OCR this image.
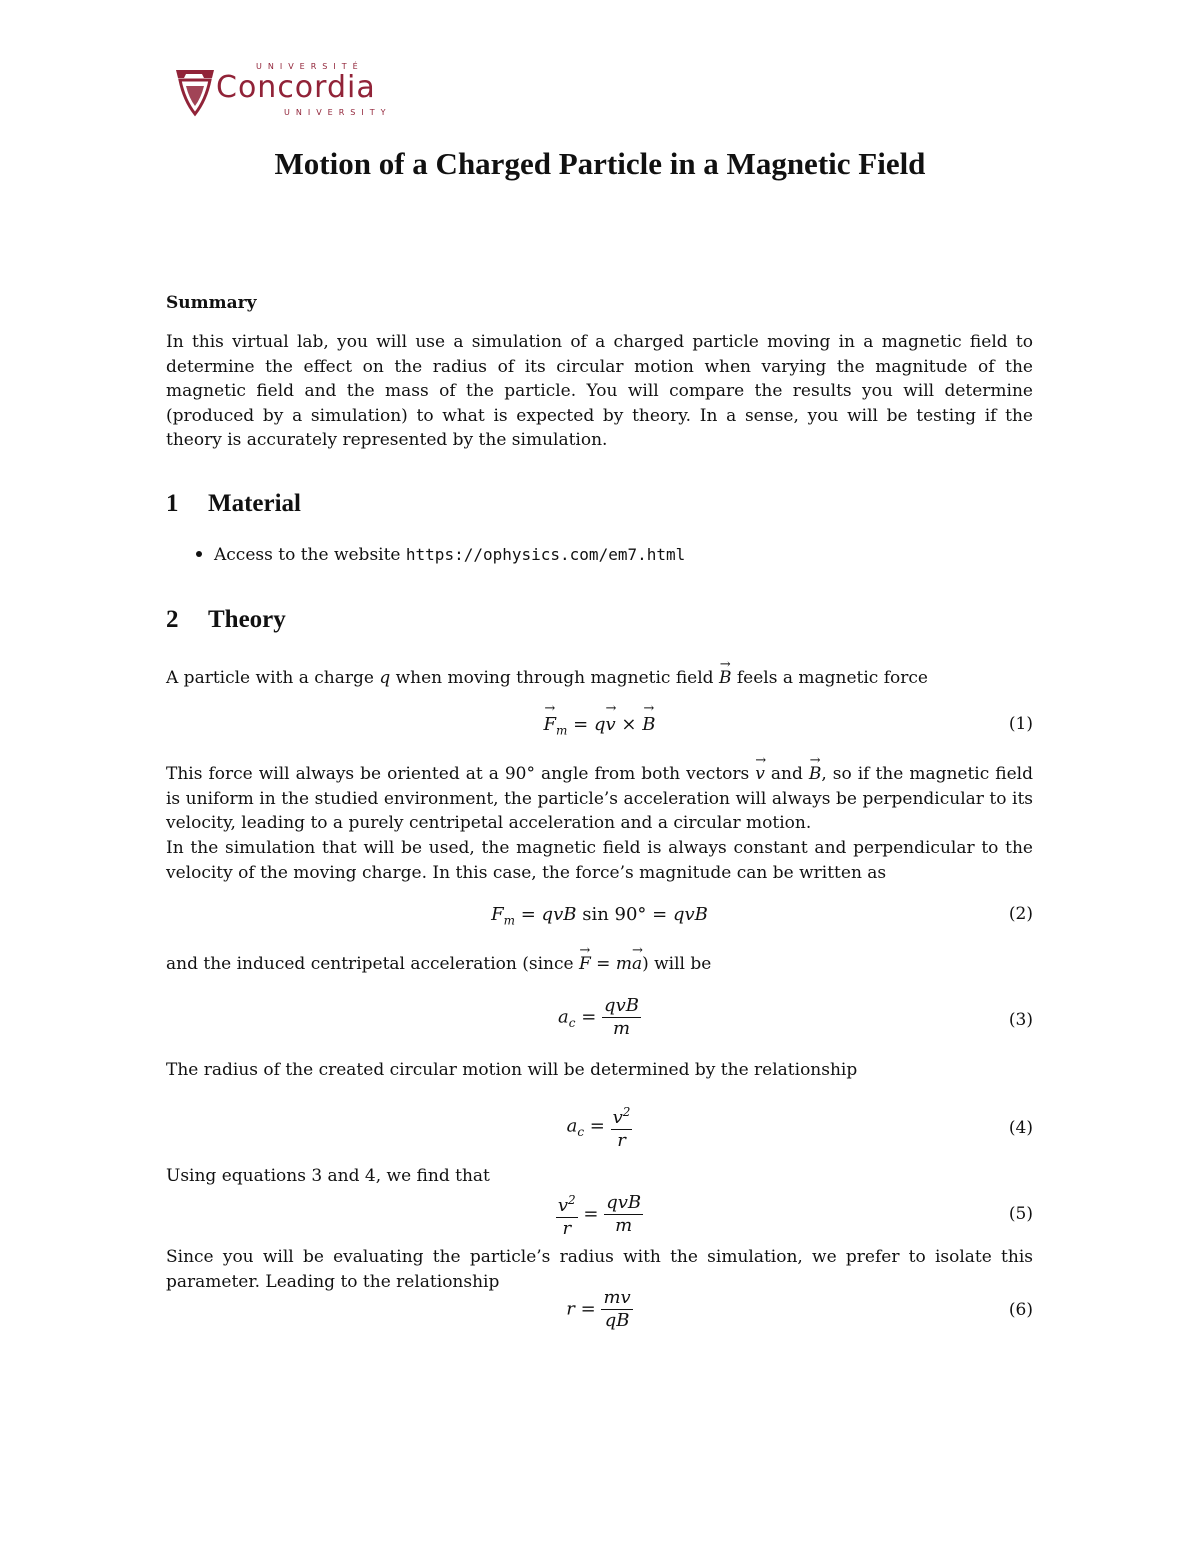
UNIVERSITÉ
Concordia
UNIVERSITY
Motion of a Charged Particle in a Magnetic Field
Summary

In this virtual lab, you will use a simulation of a charged particle moving in a magnetic field to determine the effect on the radius of its circular motion when varying the magnitude of the magnetic field and the mass of the particle. You will compare the results you will determine (produced by a simulation) to what is expected by theory. In a sense, you will be testing if the theory is accurately represented by the simulation.

1 Material
Access to the website https://ophysics.com/em7.html
2 Theory

A particle with a charge q when moving through magnetic field → B feels a magnetic force

→ $F_m = q\to v$ × → B	(1)

This force will always be oriented at a 90° angle from both vectors → v and → B, so if the magnetic field is uniform in the studied environment, the particle’s acceleration will always be perpendicular to its velocity, leading to a purely centripetal acceleration and a circular motion.

In the simulation that will be used, the magnetic field is always constant and perpendicular to the velocity of the moving charge. In this case, the force’s magnitude can be written as

$F_m$ = qvB sin 90° = qvB	(2)

and the induced centripetal acceleration (since → F = m→ a) will be

$a_c = \frac{\text{qvB}}{m}$	(3)

The radius of the created circular motion will be determined by the relationship

$a_c = \frac{v^2}{r}$	(4)

Using equations 3 and 4, we find that

$\frac{v^2}{r} = \frac{\text{qvB}}{m}$	(5)

Since you will be evaluating the particle’s radius with the simulation, we prefer to isolate this parameter. Leading to the relationship

$r = \frac{mv}{qB}$	(6)
